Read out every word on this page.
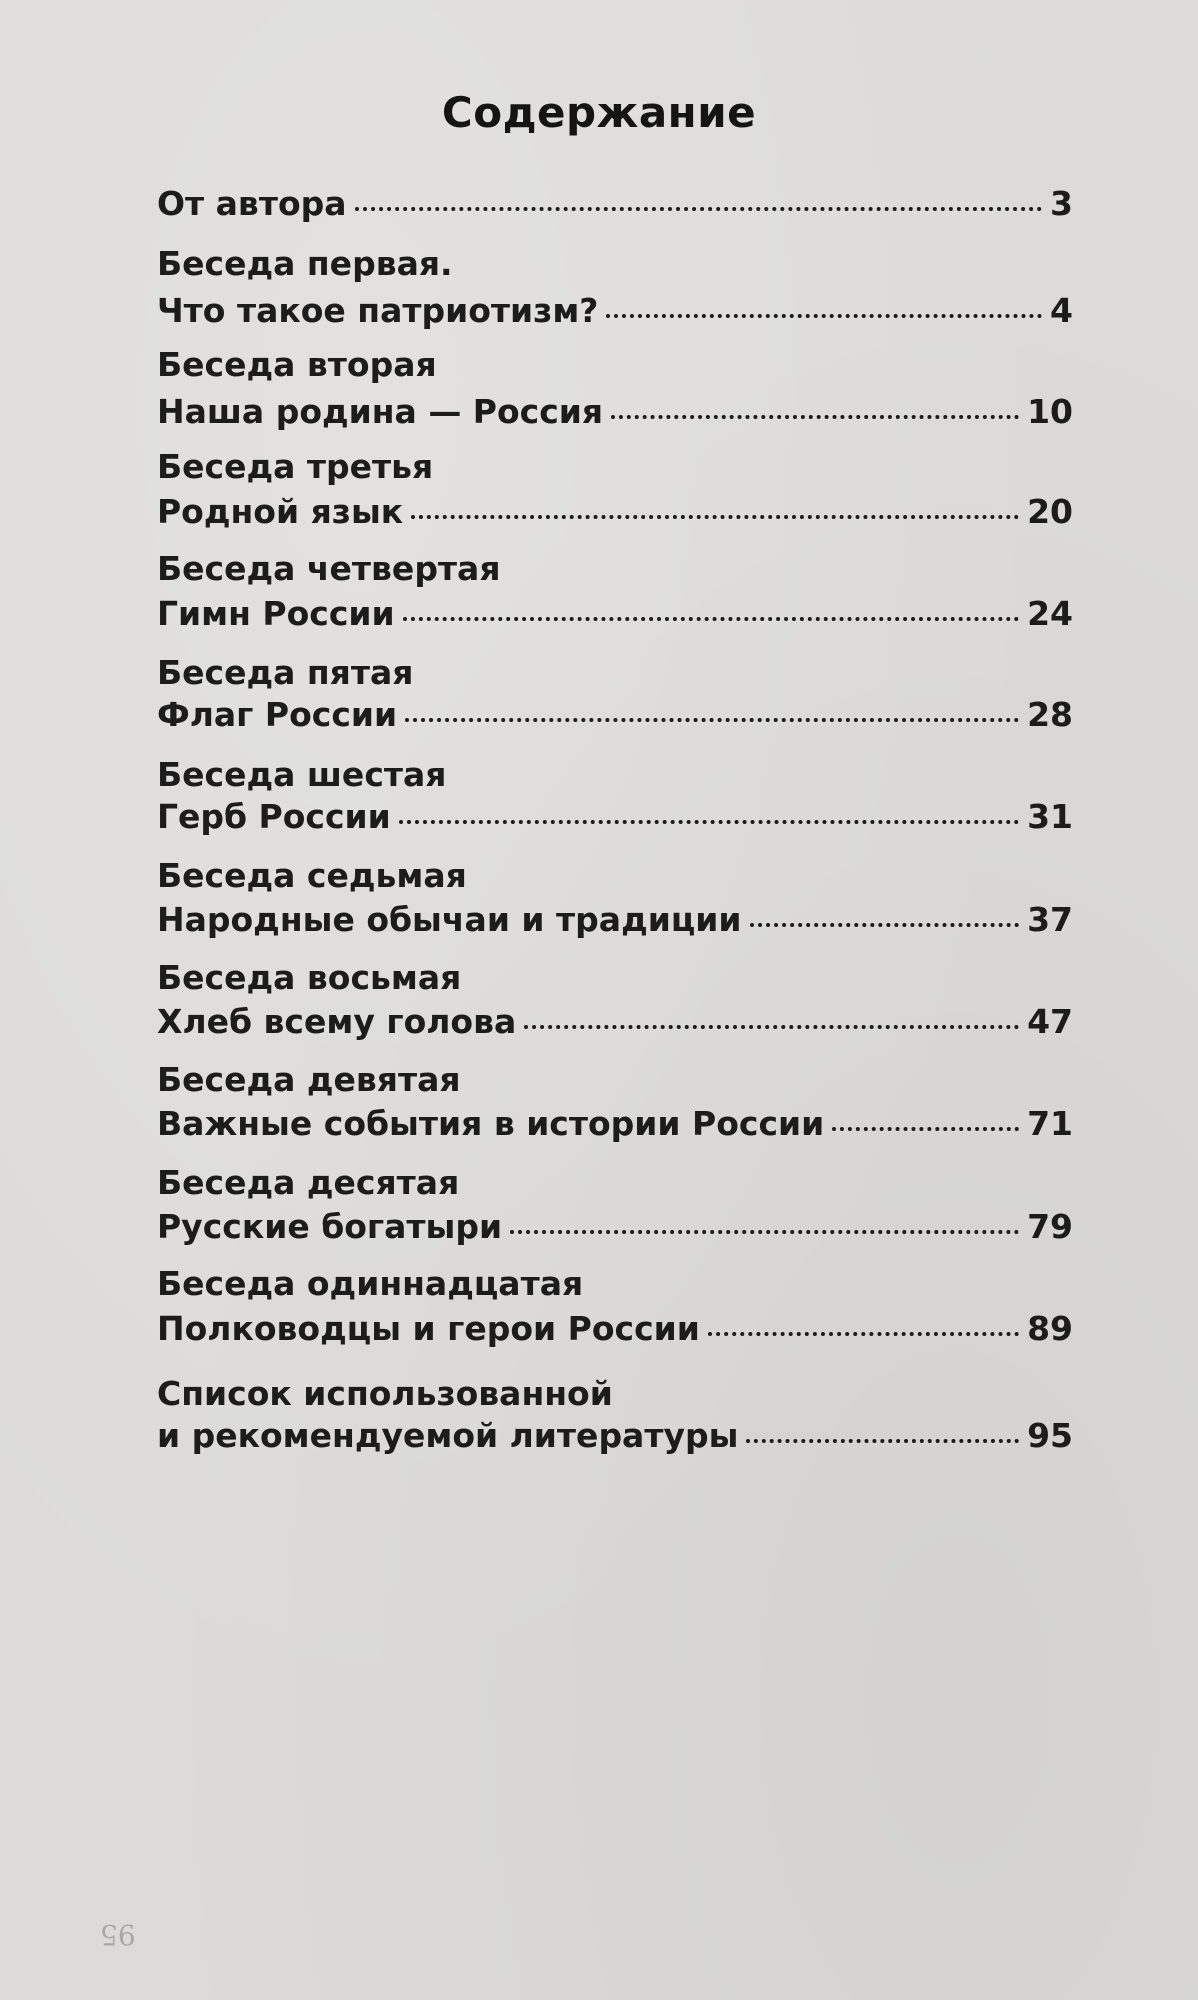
Содержание
От автора	3
Беседа первая.
Что такое патриотизм?	4
Беседа вторая
Наша родина — Россия	10
Беседа третья
Родной язык	20
Беседа четвертая
Гимн России	24
Беседа пятая
Флаг России	28
Беседа шестая
Герб России	31
Беседа седьмая
Народные обычаи и традиции	37
Беседа восьмая
Хлеб всему голова	47
Беседа девятая
Важные события в истории России	71
Беседа десятая
Русские богатыри	79
Беседа одиннадцатая
Полководцы и герои России	89
Список использованной
и рекомендуемой литературы	95
95
